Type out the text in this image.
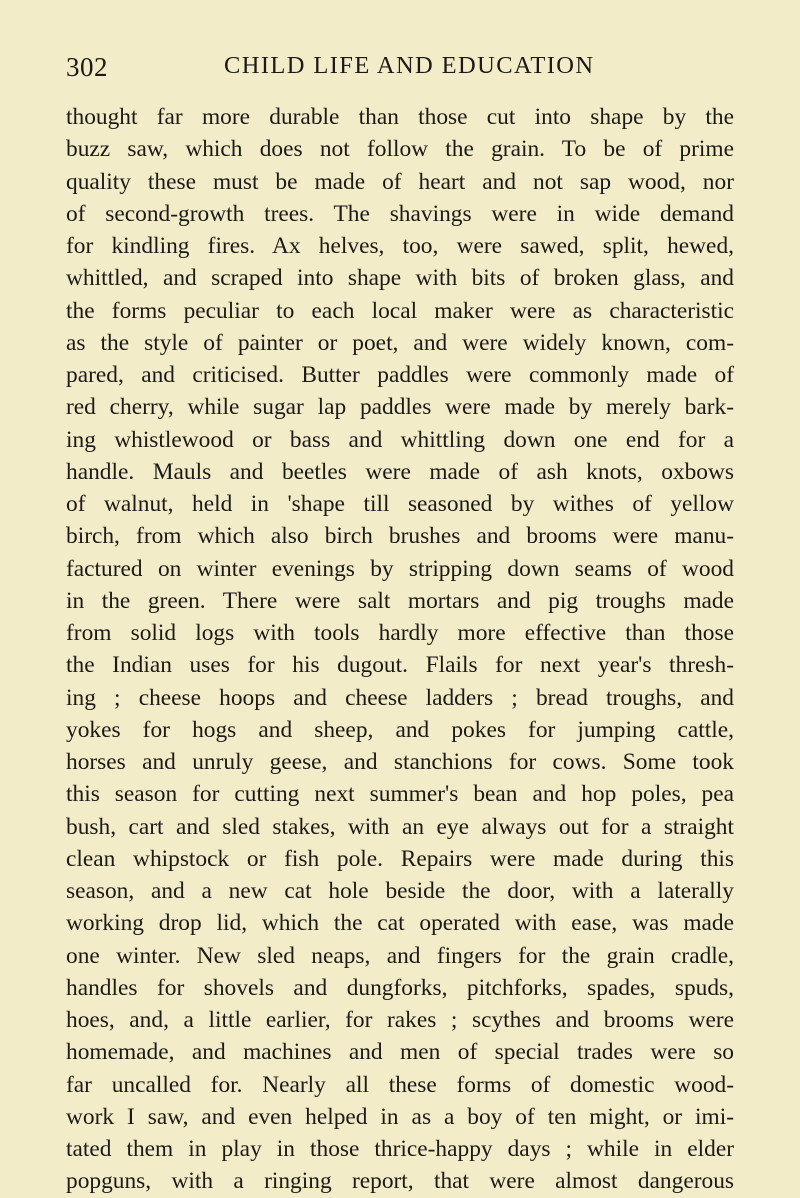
302	CHILD LIFE AND EDUCATION
thought far more durable than those cut into shape by the
buzz saw, which does not follow the grain. To be of prime
quality these must be made of heart and not sap wood, nor
of second-growth trees. The shavings were in wide demand
for kindling fires. Ax helves, too, were sawed, split, hewed,
whittled, and scraped into shape with bits of broken glass, and
the forms peculiar to each local maker were as characteristic
as the style of painter or poet, and were widely known, com-
pared, and criticised. Butter paddles were commonly made of
red cherry, while sugar lap paddles were made by merely bark-
ing whistlewood or bass and whittling down one end for a
handle. Mauls and beetles were made of ash knots, oxbows
of walnut, held in 'shape till seasoned by withes of yellow
birch, from which also birch brushes and brooms were manu-
factured on winter evenings by stripping down seams of wood
in the green. There were salt mortars and pig troughs made
from solid logs with tools hardly more effective than those
the Indian uses for his dugout. Flails for next year's thresh-
ing ; cheese hoops and cheese ladders ; bread troughs, and
yokes for hogs and sheep, and pokes for jumping cattle,
horses and unruly geese, and stanchions for cows. Some took
this season for cutting next summer's bean and hop poles, pea
bush, cart and sled stakes, with an eye always out for a straight
clean whipstock or fish pole. Repairs were made during this
season, and a new cat hole beside the door, with a laterally
working drop lid, which the cat operated with ease, was made
one winter. New sled neaps, and fingers for the grain cradle,
handles for shovels and dungforks, pitchforks, spades, spuds,
hoes, and, a little earlier, for rakes ; scythes and brooms were
homemade, and machines and men of special trades were so
far uncalled for. Nearly all these forms of domestic wood-
work I saw, and even helped in as a boy of ten might, or imi-
tated them in play in those thrice-happy days ; while in elder
popguns, with a ringing report, that were almost dangerous
